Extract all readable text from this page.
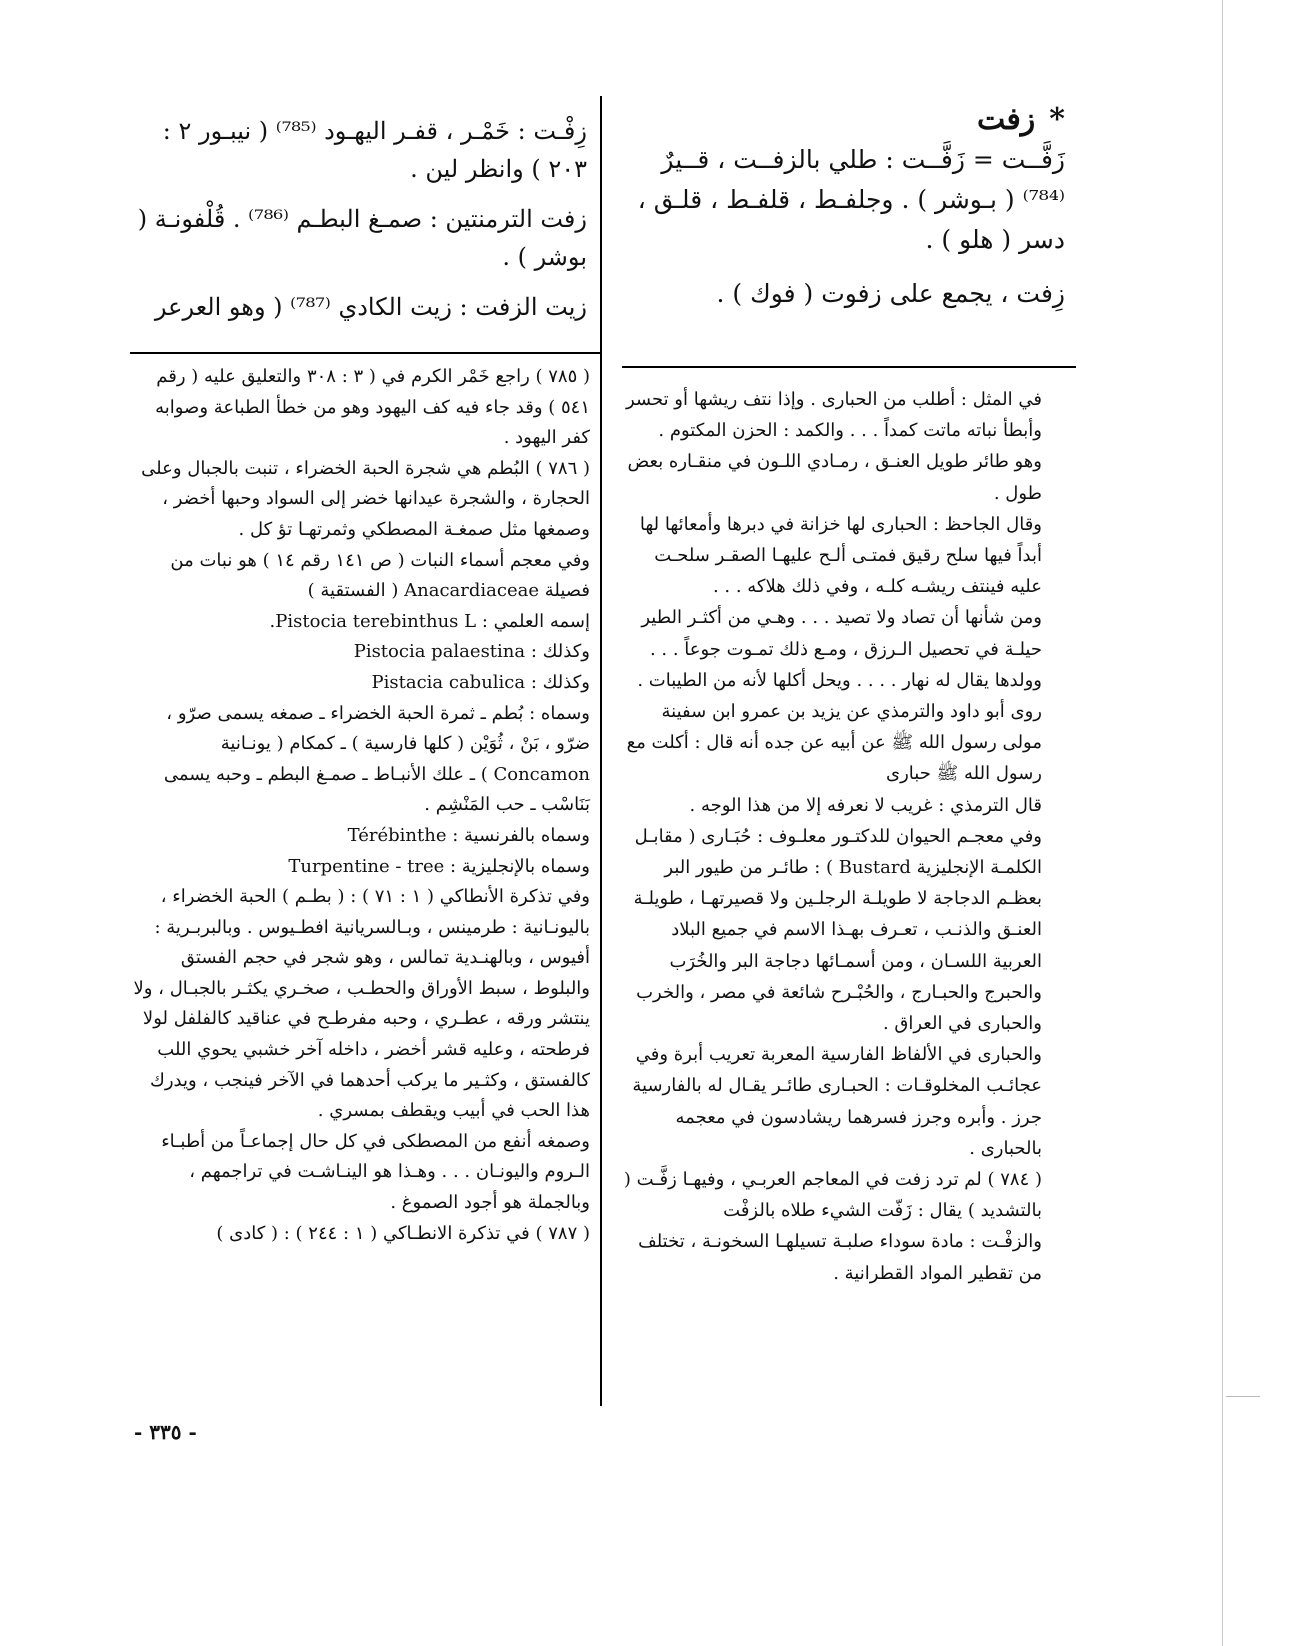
*زفت

زَفَّــت = زَفَّــت : طلي بالزفــت ، قــيرٌ ⁽⁷⁸⁴⁾ ( بـوشر ) . وجلفـط ، قلفـط ، قلـق ، دسر ( هلو ) .

زِفت ، يجمع على زفوت ( فوك ) .

زِفْـت : خَمْـر ، قفـر اليهـود ⁽⁷⁸⁵⁾ ( نيبـور ٢ : ٢٠٣ ) وانظر لين .

زفت الترمنتين : صمـغ البطـم ⁽⁷⁸⁶⁾ . قُلْفونـة ( بوشر ) .

زيت الزفت : زيت الكادي ⁽⁷⁸⁷⁾ ( وهو العرعر

( ٧٨٥ ) راجع خَمْر الكرم في ( ٣ : ٣٠٨ والتعليق عليه ( رقم ٥٤١ ) وقد جاء فيه كف اليهود وهو من خطأ الطباعة وصوابه كفر اليهود .

( ٧٨٦ ) البُطم هي شجرة الحبة الخضراء ، تنبت بالجبال وعلى الحجارة ، والشجرة عيدانها خضر إلى السواد وحبها أخضر ، وصمغها مثل صمغـة المصطكي وثمرتهـا تؤ كل .

وفي معجم أسماء النبات ( ص ١٤١ رقم ١٤ ) هو نبات من فصيلة Anacardiaceae ( الفستقية )

إسمه العلمي : Pistocia terebinthus L.

وكذلك : Pistocia palaestina

وكذلك : Pistacia cabulica

وسماه : بُطم ـ ثمرة الحبة الخضراء ـ صمغه يسمى صرّو ، ضرّو ، بَنْ ، ثُوَيْن ( كلها فارسية ) ـ كمكام ( يونـانية Concamon ) ـ علك الأنبـاط ـ صمـغ البطم ـ وحبه يسمى بَنَاسْب ـ حب المَنْشِم .

وسماه بالفرنسية : Térébinthe

وسماه بالإنجليزية : Turpentine - tree

وفي تذكرة الأنطاكي ( ١ : ٧١ ) : ( بطـم ) الحبة الخضراء ، باليونـانية : طرمينس ، وبـالسريانية افطـيوس . وبالبربـرية : أفيوس ، وبالهنـدية تمالس ، وهو شجر في حجم الفستق والبلوط ، سبط الأوراق والحطـب ، صخـري يكثـر بالجبـال ، ولا ينتشر ورقه ، عطـري ، وحبه مفرطـح في عناقيد كالفلفل لولا فرطحته ، وعليه قشر أخضر ، داخله آخر خشبي يحوي اللب كالفستق ، وكثـير ما يركب أحدهما في الآخر فينجب ، ويدرك هذا الحب في أبيب ويقطف بمسري .

وصمغه أنفع من المصطكى في كل حال إجماعـاً من أطبـاء الـروم واليونـان . . . وهـذا هو الينـاشـت في تراجمهم ، وبالجملة هو أجود الصموغ .

( ٧٨٧ ) في تذكرة الانطـاكي ( ١ : ٢٤٤ ) : ( كادى )

في المثل : أطلب من الحبارى . وإذا نتف ريشها أو تحسر وأبطأ نباته ماتت كمداً . . . والكمد : الحزن المكتوم .

وهو طائر طويل العنـق ، رمـادي اللـون في منقـاره بعض طول .

وقال الجاحظ : الحبارى لها خزانة في دبرها وأمعائها لها أبداً فيها سلح رقيق فمتـى ألـح عليهـا الصقـر سلحـت عليه فينتف ريشـه كلـه ، وفي ذلك هلاكه . . .

ومن شأنها أن تصاد ولا تصيد . . . وهـي من أكثـر الطير حيلـة في تحصيل الـرزق ، ومـع ذلك تمـوت جوعاً . . . وولدها يقال له نهار . . . . ويحل أكلها لأنه من الطيبات . روى أبو داود والترمذي عن يزيد بن عمرو ابن سفينة مولى رسول الله ﷺ عن أبيه عن جده أنه قال : أكلت مع رسول الله ﷺ حبارى

قال الترمذي : غريب لا نعرفه إلا من هذا الوجه .

وفي معجـم الحيوان للدكتـور معلـوف : حُبَـارى ( مقابـل الكلمـة الإنجليزية Bustard ) : طائـر من طيور البر بعظـم الدجاجة لا طويلـة الرجلـين ولا قصيرتهـا ، طويلـة العنـق والذنـب ، تعـرف بهـذا الاسم في جميع البلاد العربية اللسـان ، ومن أسمـائها دجاجة البر والخُرَب والحبرج والحبـارج ، والحُبْـرح شائعة في مصر ، والخرب والحبارى في العراق .

والحبارى في الألفاظ الفارسية المعربة تعريب أبرة وفي عجائـب المخلوقـات : الحبـارى طائـر يقـال له بالفارسية جرز . وأبره وجرز فسرهما ريشادسون في معجمه بالحبارى .

( ٧٨٤ ) لم ترد زفت في المعاجم العربـي ، وفيهـا زفَّـت ( بالتشديد ) يقال : زَفّت الشيء طلاه بالزفْت

والزفْـت : مادة سوداء صلبـة تسيلهـا السخونـة ، تختلف من تقطير المواد القطرانية .

- ٣٣٥ -
